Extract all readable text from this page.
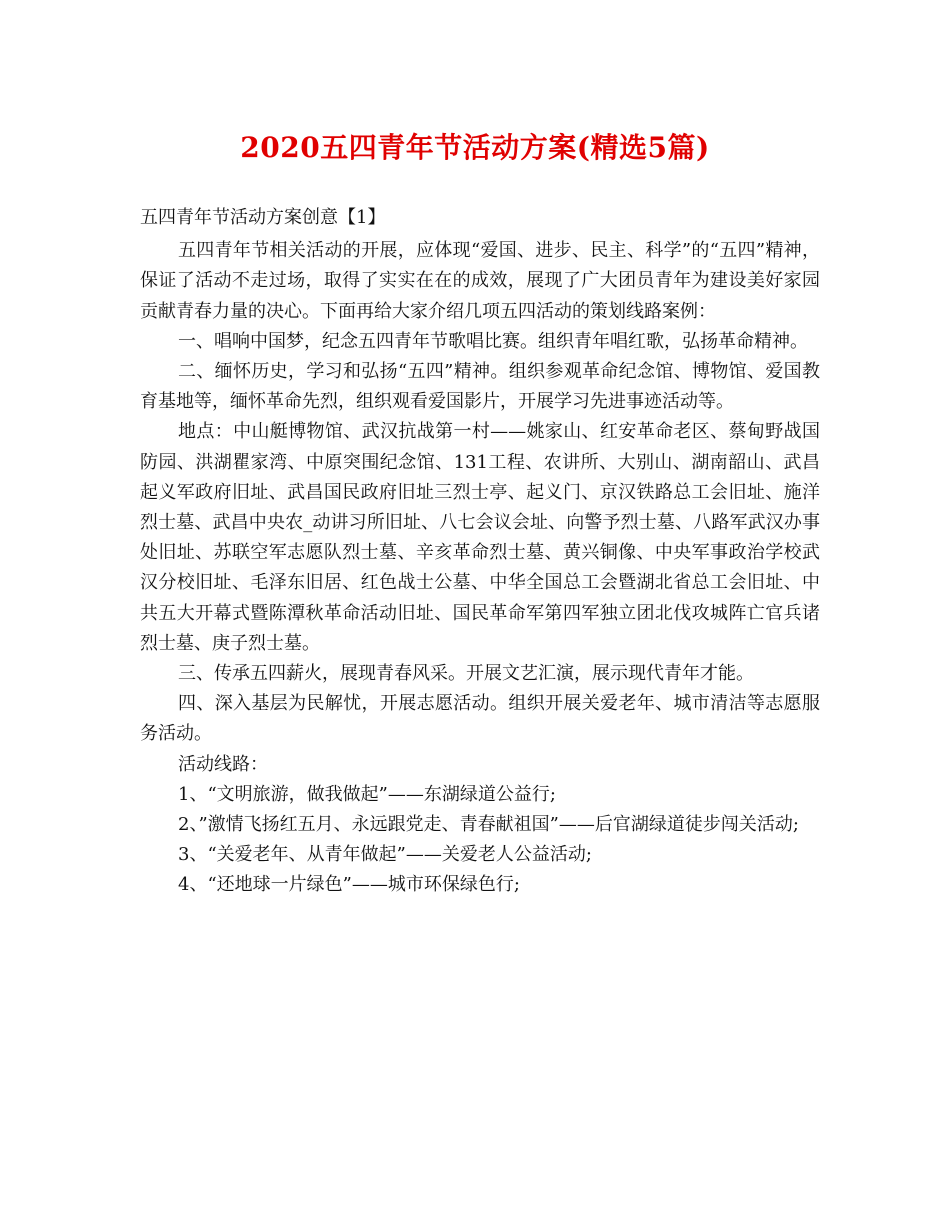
2020五四青年节活动方案(精选5篇)

五四青年节活动方案创意【1】

五四青年节相关活动的开展，应体现“爱国、进步、民主、科学”的“五四”精神，保证了活动不走过场，取得了实实在在的成效，展现了广大团员青年为建设美好家园贡献青春力量的决心。下面再给大家介绍几项五四活动的策划线路案例：

一、唱响中国梦，纪念五四青年节歌唱比赛。组织青年唱红歌，弘扬革命精神。

二、缅怀历史，学习和弘扬“五四”精神。组织参观革命纪念馆、博物馆、爱国教育基地等，缅怀革命先烈，组织观看爱国影片，开展学习先进事迹活动等。

地点：中山艇博物馆、武汉抗战第一村——姚家山、红安革命老区、蔡甸野战国防园、洪湖瞿家湾、中原突围纪念馆、131工程、农讲所、大别山、湖南韶山、武昌起义军政府旧址、武昌国民政府旧址三烈士亭、起义门、京汉铁路总工会旧址、施洋烈士墓、武昌中央农_动讲习所旧址、八七会议会址、向警予烈士墓、八路军武汉办事处旧址、苏联空军志愿队烈士墓、辛亥革命烈士墓、黄兴铜像、中央军事政治学校武汉分校旧址、毛泽东旧居、红色战士公墓、中华全国总工会暨湖北省总工会旧址、中共五大开幕式暨陈潭秋革命活动旧址、国民革命军第四军独立团北伐攻城阵亡官兵诸烈士墓、庚子烈士墓。

三、传承五四薪火，展现青春风采。开展文艺汇演，展示现代青年才能。

四、深入基层为民解忧，开展志愿活动。组织开展关爱老年、城市清洁等志愿服务活动。

活动线路：

1、“文明旅游，做我做起”——东湖绿道公益行;

2、”激情飞扬红五月、永远跟党走、青春献祖国”——后官湖绿道徒步闯关活动;

3、“关爱老年、从青年做起”——关爱老人公益活动;

4、“还地球一片绿色”——城市环保绿色行;
